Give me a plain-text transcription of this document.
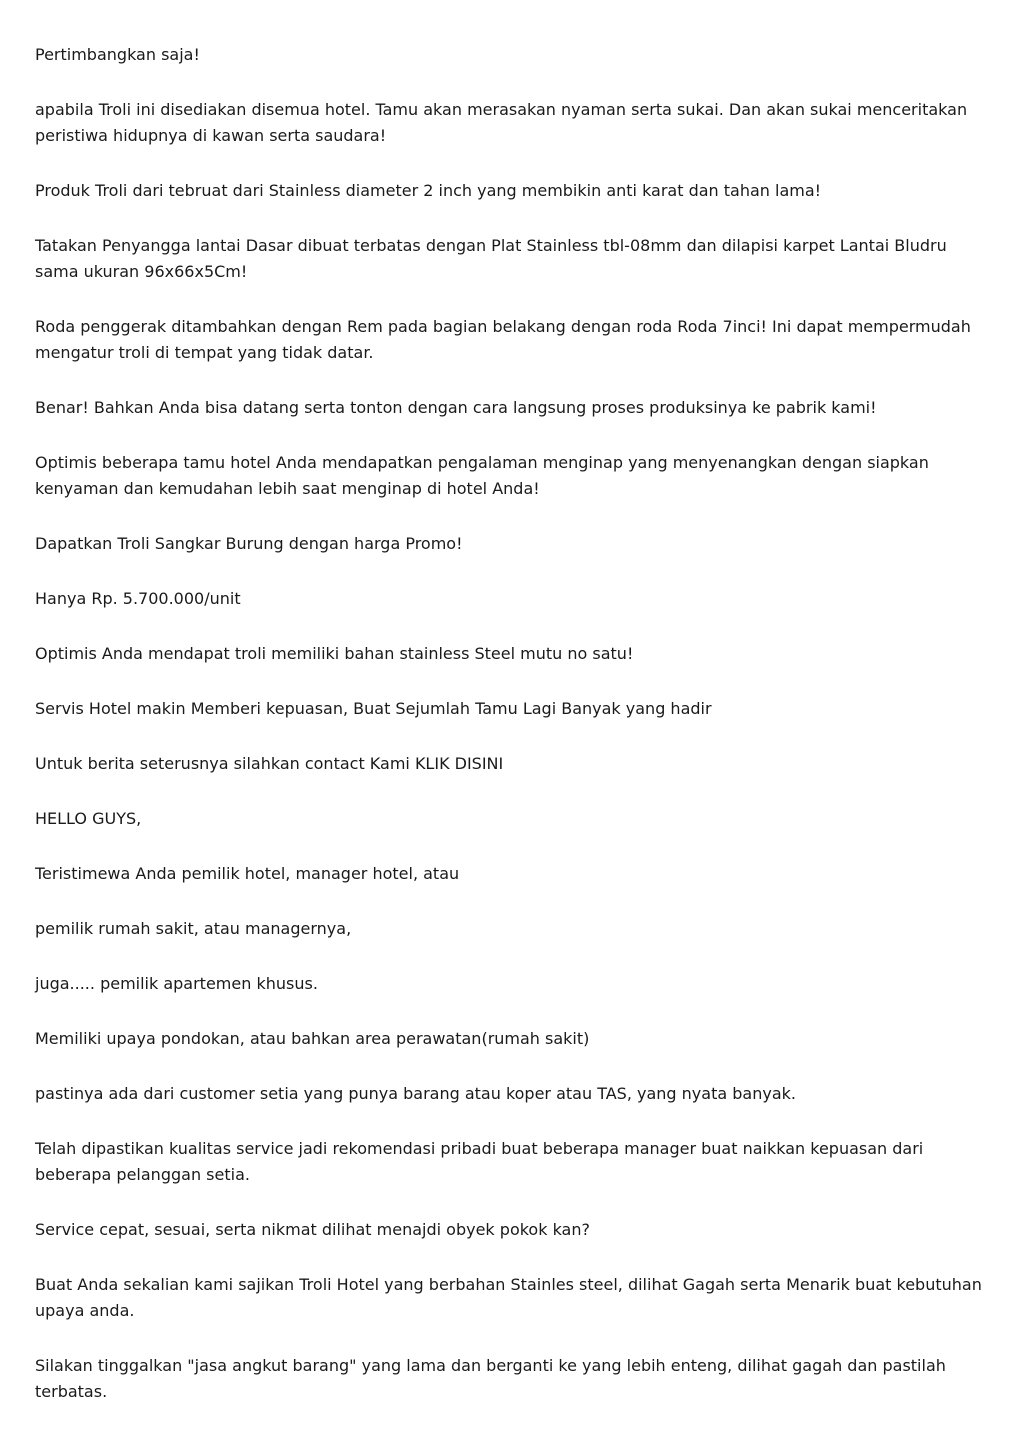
Pertimbangkan saja!

apabila Troli ini disediakan disemua hotel. Tamu akan merasakan nyaman serta sukai. Dan akan sukai menceritakan peristiwa hidupnya di kawan serta saudara!

Produk Troli dari tebruat dari Stainless diameter 2 inch yang membikin anti karat dan tahan lama!

Tatakan Penyangga lantai Dasar dibuat terbatas dengan Plat Stainless tbl-08mm dan dilapisi karpet Lantai Bludru sama ukuran 96x66x5Cm!

Roda penggerak ditambahkan dengan Rem pada bagian belakang dengan roda Roda 7inci! Ini dapat mempermudah mengatur troli di tempat yang tidak datar.

Benar! Bahkan Anda bisa datang serta tonton dengan cara langsung proses produksinya ke pabrik kami!

Optimis beberapa tamu hotel Anda mendapatkan pengalaman menginap yang menyenangkan dengan siapkan kenyaman dan kemudahan lebih saat menginap di hotel Anda!

Dapatkan Troli Sangkar Burung dengan harga Promo!

Hanya Rp. 5.700.000/unit

Optimis Anda mendapat troli memiliki bahan stainless Steel mutu no satu!

Servis Hotel makin Memberi kepuasan, Buat Sejumlah Tamu Lagi Banyak yang hadir

Untuk berita seterusnya silahkan contact Kami KLIK DISINI

HELLO GUYS,

Teristimewa Anda pemilik hotel, manager hotel, atau

pemilik rumah sakit, atau managernya,

juga..... pemilik apartemen khusus.

Memiliki upaya pondokan, atau bahkan area perawatan(rumah sakit)

pastinya ada dari customer setia yang punya barang atau koper atau TAS, yang nyata banyak.

Telah dipastikan kualitas service jadi rekomendasi pribadi buat beberapa manager buat naikkan kepuasan dari beberapa pelanggan setia.

Service cepat, sesuai, serta nikmat dilihat menajdi obyek pokok kan?

Buat Anda sekalian kami sajikan Troli Hotel yang berbahan Stainles steel, dilihat Gagah serta Menarik buat kebutuhan upaya anda.

Silakan tinggalkan "jasa angkut barang" yang lama dan berganti ke yang lebih enteng, dilihat gagah dan pastilah terbatas.
